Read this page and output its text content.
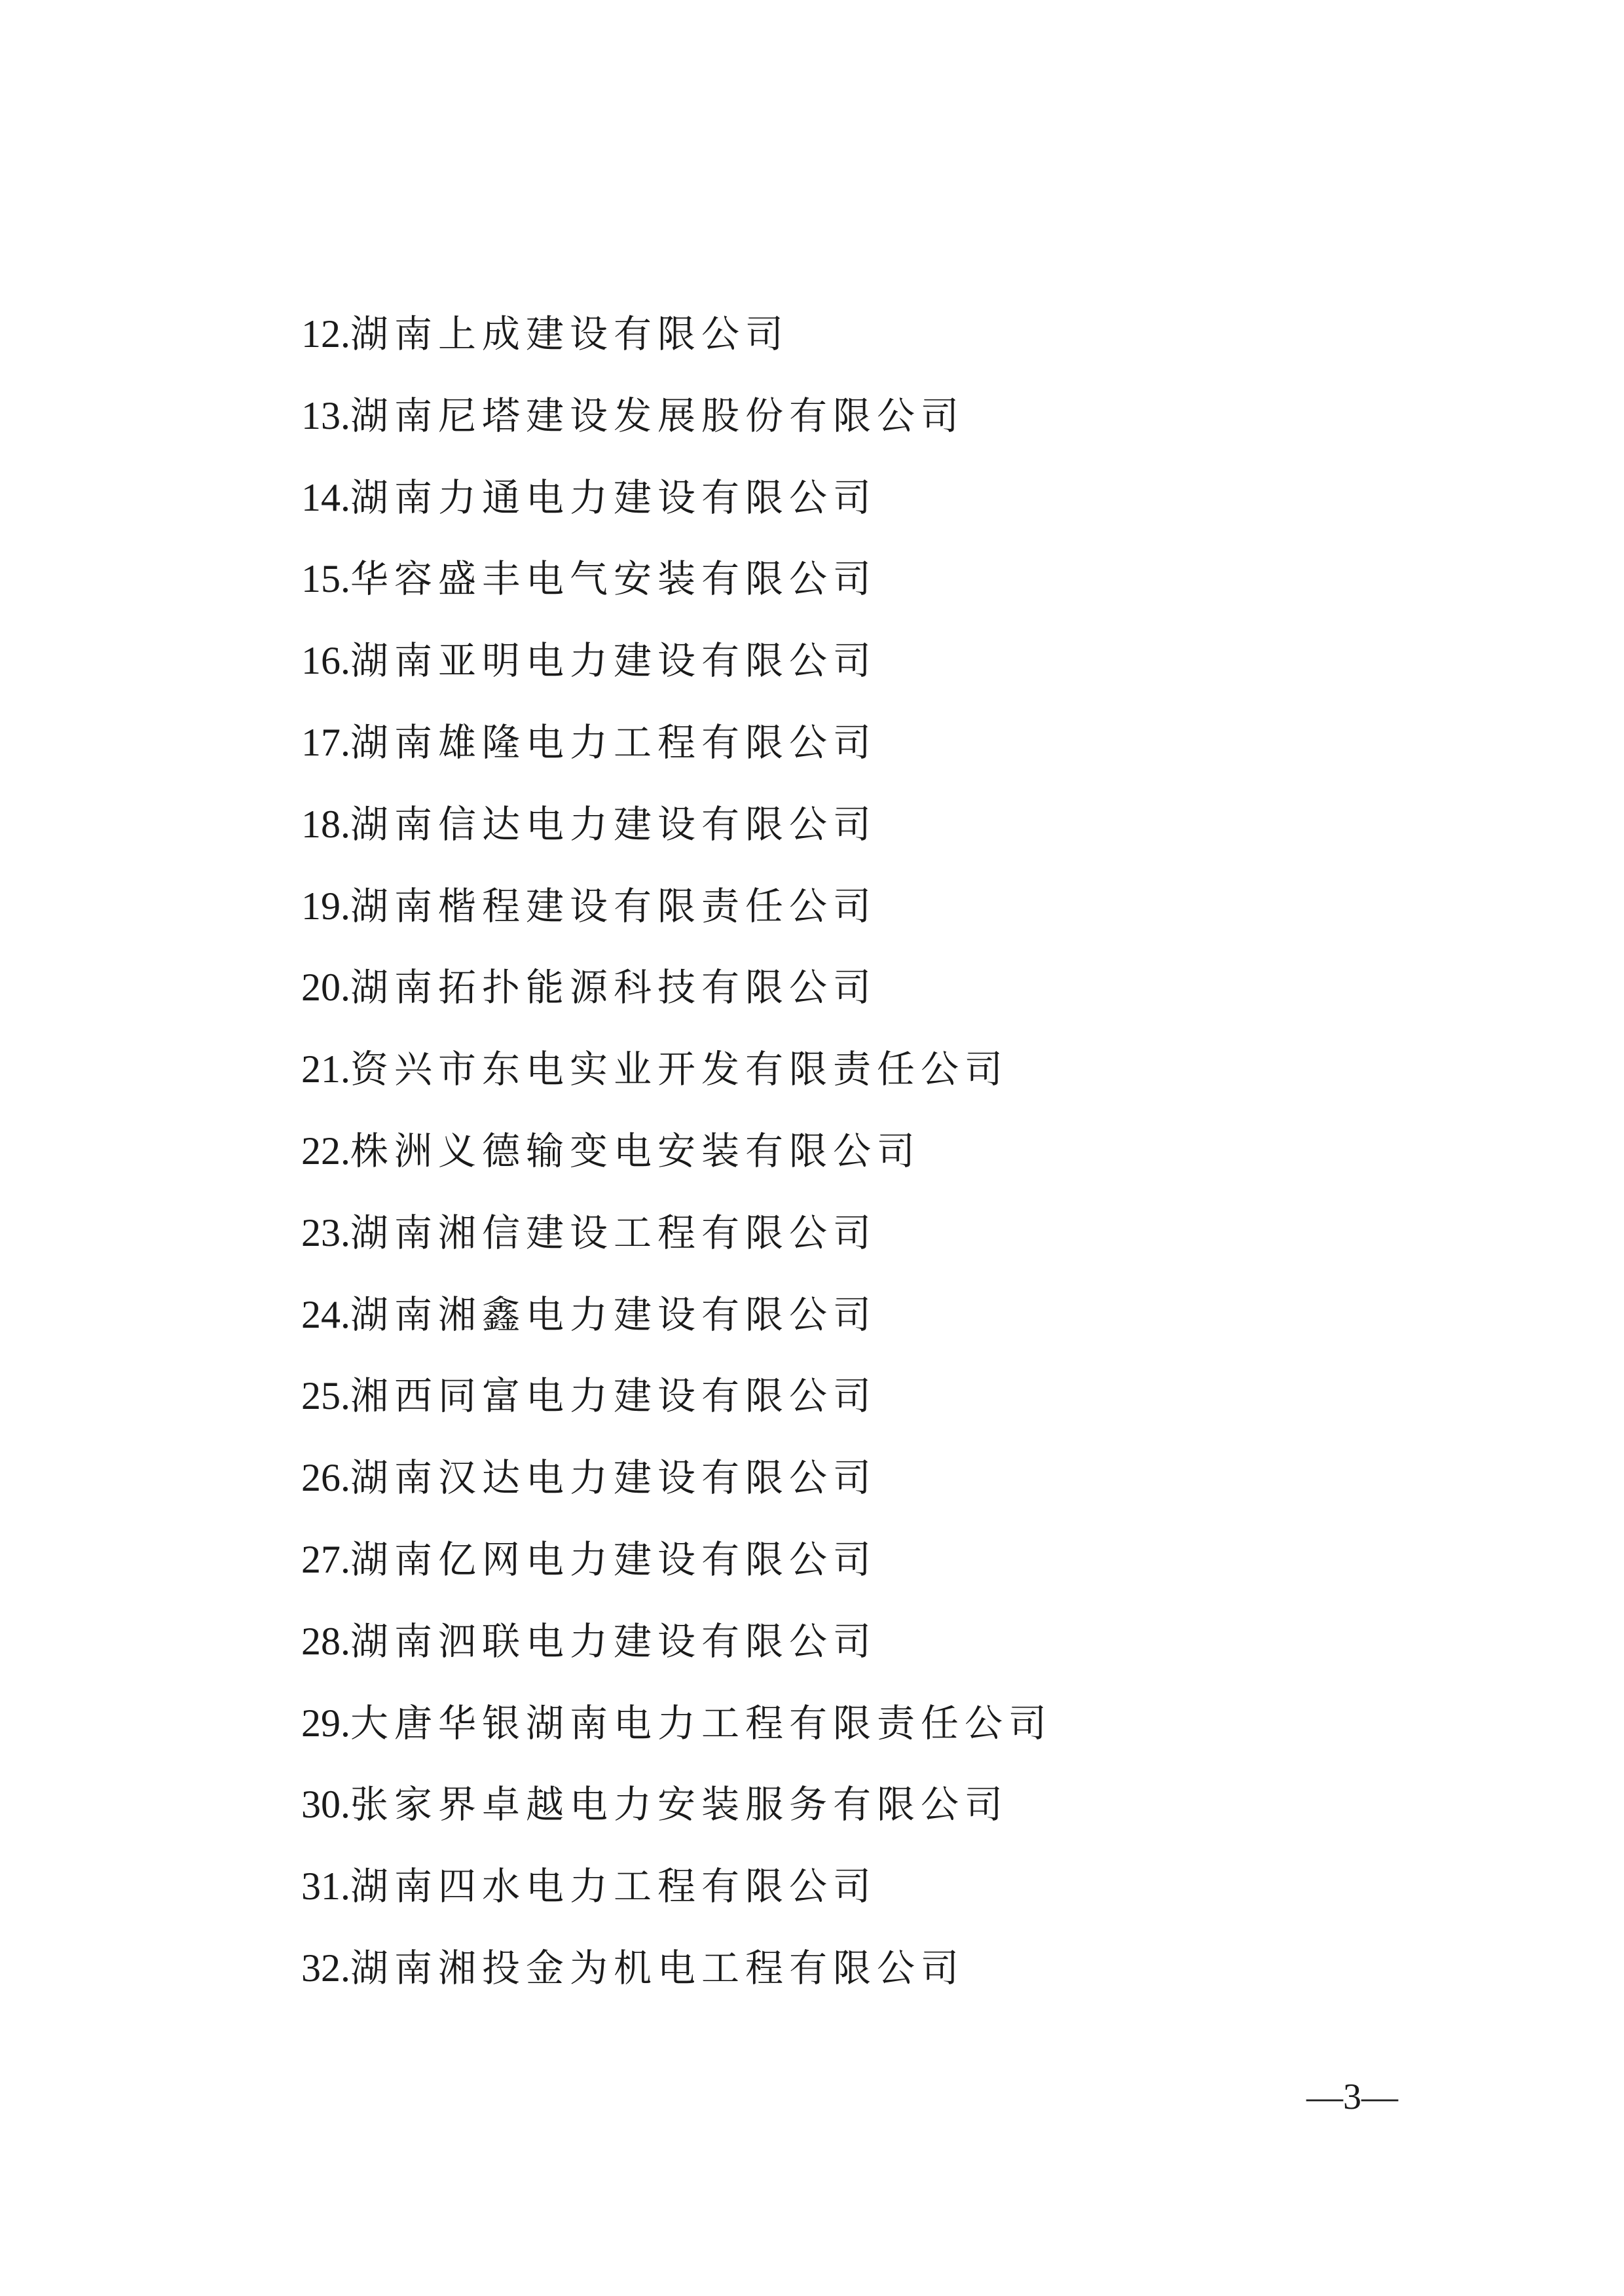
12. 湖南上成建设有限公司
13. 湖南尼塔建设发展股份有限公司
14. 湖南力通电力建设有限公司
15. 华容盛丰电气安装有限公司
16. 湖南亚明电力建设有限公司
17. 湖南雄隆电力工程有限公司
18. 湖南信达电力建设有限公司
19. 湖南楷程建设有限责任公司
20. 湖南拓扑能源科技有限公司
21. 资兴市东电实业开发有限责任公司
22. 株洲义德输变电安装有限公司
23. 湖南湘信建设工程有限公司
24. 湖南湘鑫电力建设有限公司
25. 湘西同富电力建设有限公司
26. 湖南汉达电力建设有限公司
27. 湖南亿网电力建设有限公司
28. 湖南泗联电力建设有限公司
29. 大唐华银湖南电力工程有限责任公司
30. 张家界卓越电力安装服务有限公司
31. 湖南四水电力工程有限公司
32. 湖南湘投金为机电工程有限公司
—3—
